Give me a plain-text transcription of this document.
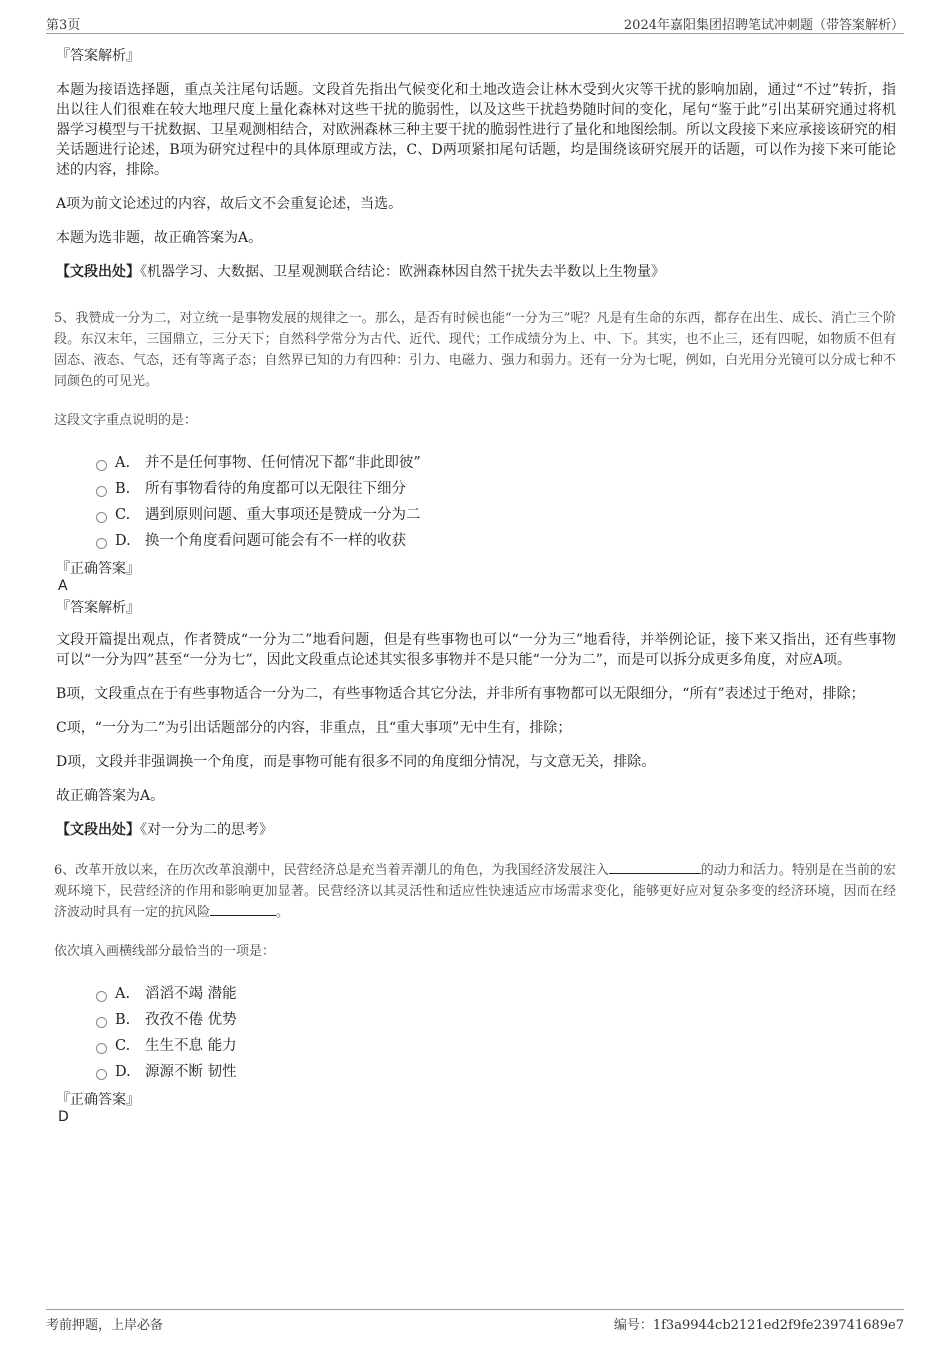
第3页	2024年嘉阳集团招聘笔试冲刺题（带答案解析）
『答案解析』
本题为接语选择题，重点关注尾句话题。文段首先指出气候变化和土地改造会让林木受到火灾等干扰的影响加剧，通过“不过”转折，指出以往人们很难在较大地理尺度上量化森林对这些干扰的脆弱性，以及这些干扰趋势随时间的变化，尾句“鉴于此”引出某研究通过将机器学习模型与干扰数据、卫星观测相结合，对欧洲森林三种主要干扰的脆弱性进行了量化和地图绘制。所以文段接下来应承接该研究的相关话题进行论述，B项为研究过程中的具体原理或方法，C、D两项紧扣尾句话题，均是围绕该研究展开的话题，可以作为接下来可能论述的内容，排除。
A项为前文论述过的内容，故后文不会重复论述，当选。
本题为选非题，故正确答案为A。
【文段出处】《机器学习、大数据、卫星观测联合结论：欧洲森林因自然干扰失去半数以上生物量》
5、我赞成一分为二，对立统一是事物发展的规律之一。那么，是否有时候也能“一分为三”呢？凡是有生命的东西，都存在出生、成长、消亡三个阶段。东汉末年，三国鼎立，三分天下；自然科学常分为古代、近代、现代；工作成绩分为上、中、下。其实，也不止三，还有四呢，如物质不但有固态、液态、气态，还有等离子态；自然界已知的力有四种：引力、电磁力、强力和弱力。还有一分为七呢，例如，白光用分光镜可以分成七种不同颜色的可见光。
这段文字重点说明的是：
A.	并不是任何事物、任何情况下都“非此即彼”
B.	所有事物看待的角度都可以无限往下细分
C.	遇到原则问题、重大事项还是赞成一分为二
D. 换一个角度看问题可能会有不一样的收获
『正确答案』
A
『答案解析』
文段开篇提出观点，作者赞成“一分为二”地看问题，但是有些事物也可以“一分为三”地看待，并举例论证，接下来又指出，还有些事物可以“一分为四”甚至“一分为七”，因此文段重点论述其实很多事物并不是只能“一分为二”，而是可以拆分成更多角度，对应A项。
B项，文段重点在于有些事物适合一分为二，有些事物适合其它分法，并非所有事物都可以无限细分，“所有”表述过于绝对，排除；
C项，“一分为二”为引出话题部分的内容，非重点，且“重大事项”无中生有，排除；
D项，文段并非强调换一个角度，而是事物可能有很多不同的角度细分情况，与文意无关，排除。
故正确答案为A。
【文段出处】《对一分为二的思考》
6、改革开放以来，在历次改革浪潮中，民营经济总是充当着弄潮儿的角色，为我国经济发展注入	的动力和活力。特别是在当前的宏观环境下，民营经济的作用和影响更加显著。民营经济以其灵活性和适应性快速适应市场需求变化，能够更好应对复杂多变的经济环境，因而在经济波动时具有一定的抗风险	。
依次填入画横线部分最恰当的一项是：
A.	滔滔不竭 潜能
B.	孜孜不倦 优势
C.	生生不息 能力
D. 源源不断 韧性
『正确答案』
D
考前押题，上岸必备	编号：1f3a9944cb2121ed2f9fe239741689e7
